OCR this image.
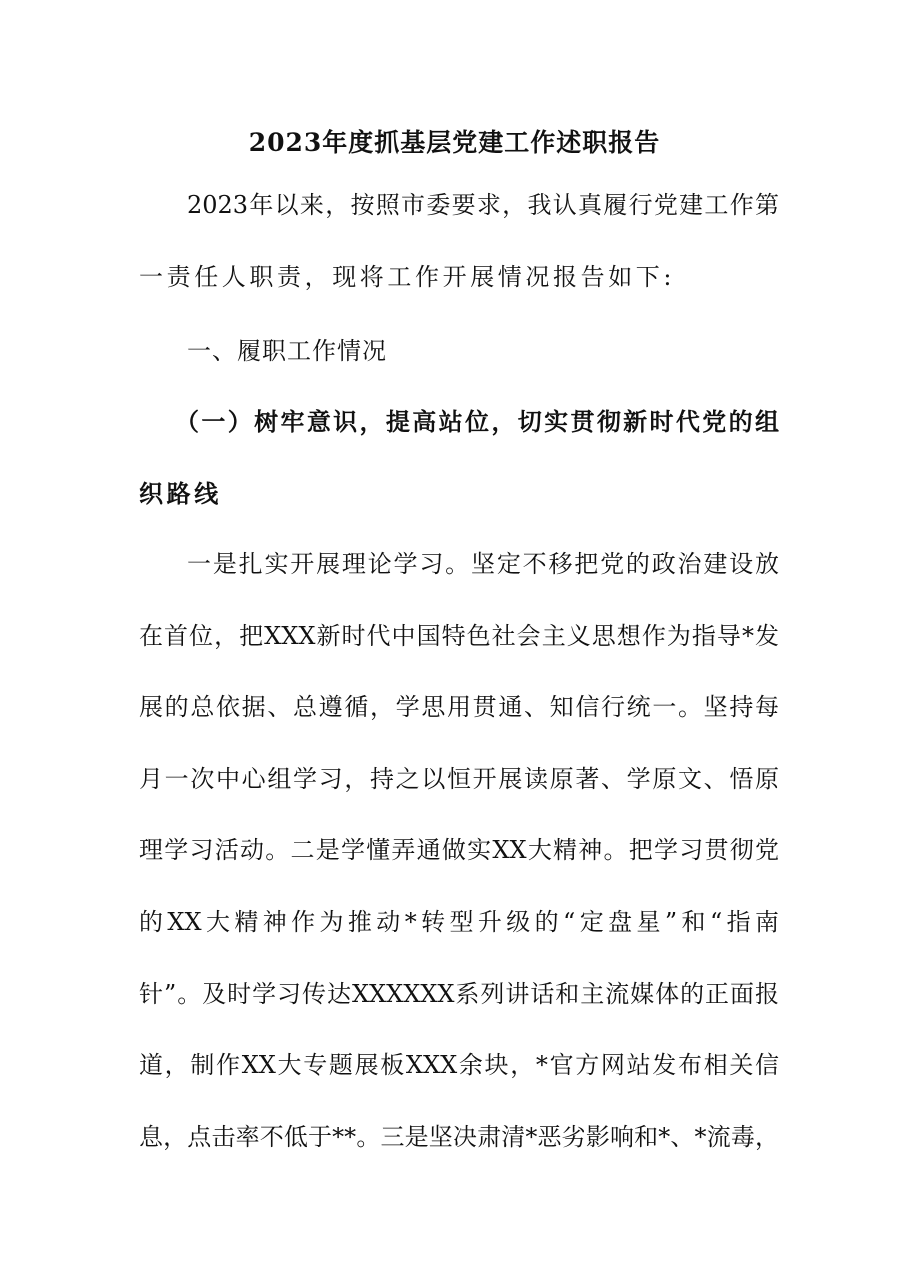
2023年度抓基层党建工作述职报告
2023年以来，按照市委要求，我认真履行党建工作第
一责任人职责，现将工作开展情况报告如下:
一、履职工作情况
（一）树牢意识，提高站位，切实贯彻新时代党的组
织路线
一是扎实开展理论学习。坚定不移把党的政治建设放
在首位，把XXX新时代中国特色社会主义思想作为指导*发
展的总依据、总遵循，学思用贯通、知信行统一。坚持每
月一次中心组学习，持之以恒开展读原著、学原文、悟原
理学习活动。二是学懂弄通做实XX大精神。把学习贯彻党
的XX大精神作为推动*转型升级的“定盘星”和“指南
针”。及时学习传达XXXXXX系列讲话和主流媒体的正面报
道，制作XX大专题展板XXX余块，*官方网站发布相关信
息，点击率不低于**。三是坚决肃清*恶劣影响和*、*流毒，
